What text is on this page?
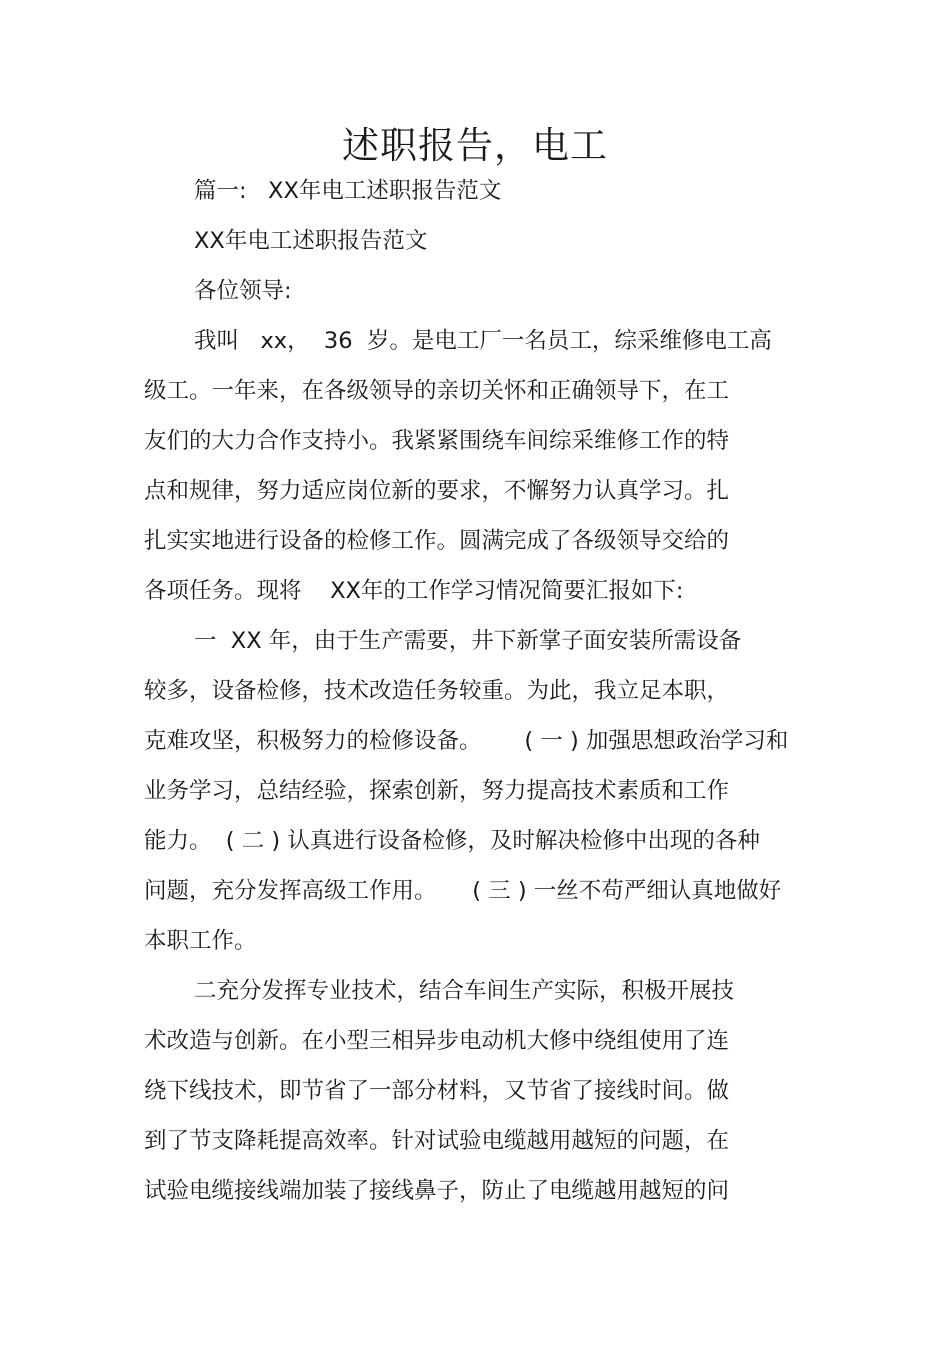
述职报告，电工
篇一:   XX年电工述职报告范文
XX年电工述职报告范文
各位领导:
我叫   xx，  36  岁。是电工厂一名员工，综采维修电工高
级工。一年来，在各级领导的亲切关怀和正确领导下，在工
友们的大力合作支持小。我紧紧围绕车间综采维修工作的特
点和规律，努力适应岗位新的要求，不懈努力认真学习。扎
扎实实地进行设备的检修工作。圆满完成了各级领导交给的
各项任务。现将    XX年的工作学习情况简要汇报如下:
一  XX 年，由于生产需要，井下新掌子面安装所需设备
较多，设备检修，技术改造任务较重。为此，我立足本职，
克难攻坚，积极努力的检修设备。      ( 一 ) 加强思想政治学习和
业务学习，总结经验，探索创新，努力提高技术素质和工作
能力。  ( 二 ) 认真进行设备检修，及时解决检修中出现的各种
问题，充分发挥高级工作用。     ( 三 ) 一丝不苟严细认真地做好
本职工作。
二充分发挥专业技术，结合车间生产实际，积极开展技
术改造与创新。在小型三相异步电动机大修中绕组使用了连
绕下线技术，即节省了一部分材料，又节省了接线时间。做
到了节支降耗提高效率。针对试验电缆越用越短的问题，在
试验电缆接线端加装了接线鼻子，防止了电缆越用越短的问
